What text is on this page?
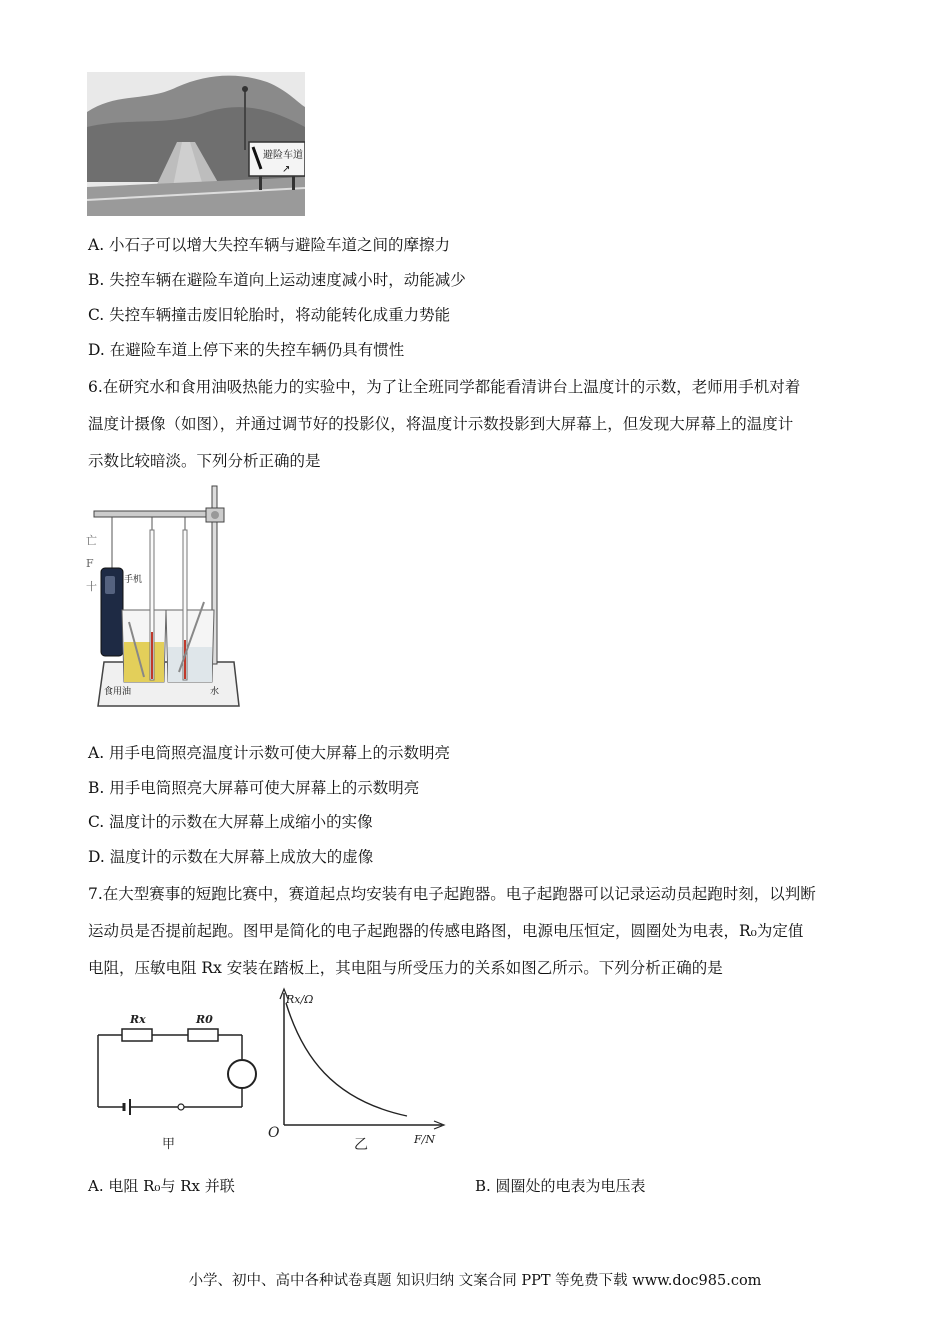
避险车道
↗
A. 小石子可以增大失控车辆与避险车道之间的摩擦力
B. 失控车辆在避险车道向上运动速度减小时，动能减少
C. 失控车辆撞击废旧轮胎时，将动能转化成重力势能
D. 在避险车道上停下来的失控车辆仍具有惯性
6.在研究水和食用油吸热能力的实验中，为了让全班同学都能看清讲台上温度计的示数，老师用手机对着
温度计摄像（如图），并通过调节好的投影仪，将温度计示数投影到大屏幕上，但发现大屏幕上的温度计
示数比较暗淡。下列分析正确的是
手机
亡
F
十
食用油	水
A. 用手电筒照亮温度计示数可使大屏幕上的示数明亮
B. 用手电筒照亮大屏幕可使大屏幕上的示数明亮
C. 温度计的示数在大屏幕上成缩小的实像
D. 温度计的示数在大屏幕上成放大的虚像
7.在大型赛事的短跑比赛中，赛道起点均安装有电子起跑器。电子起跑器可以记录运动员起跑时刻，以判断
运动员是否提前起跑。图甲是简化的电子起跑器的传感电路图，电源电压恒定，圆圈处为电表，R₀为定值
电阻，压敏电阻 Rx 安装在踏板上，其电阻与所受压力的关系如图乙所示。下列分析正确的是
Rx	R0
甲
Rx/Ω
F/N
O
乙
A. 电阻 R₀与 Rx 并联	B. 圆圈处的电表为电压表
小学、初中、高中各种试卷真题 知识归纳 文案合同 PPT 等免费下载 www.doc985.com
